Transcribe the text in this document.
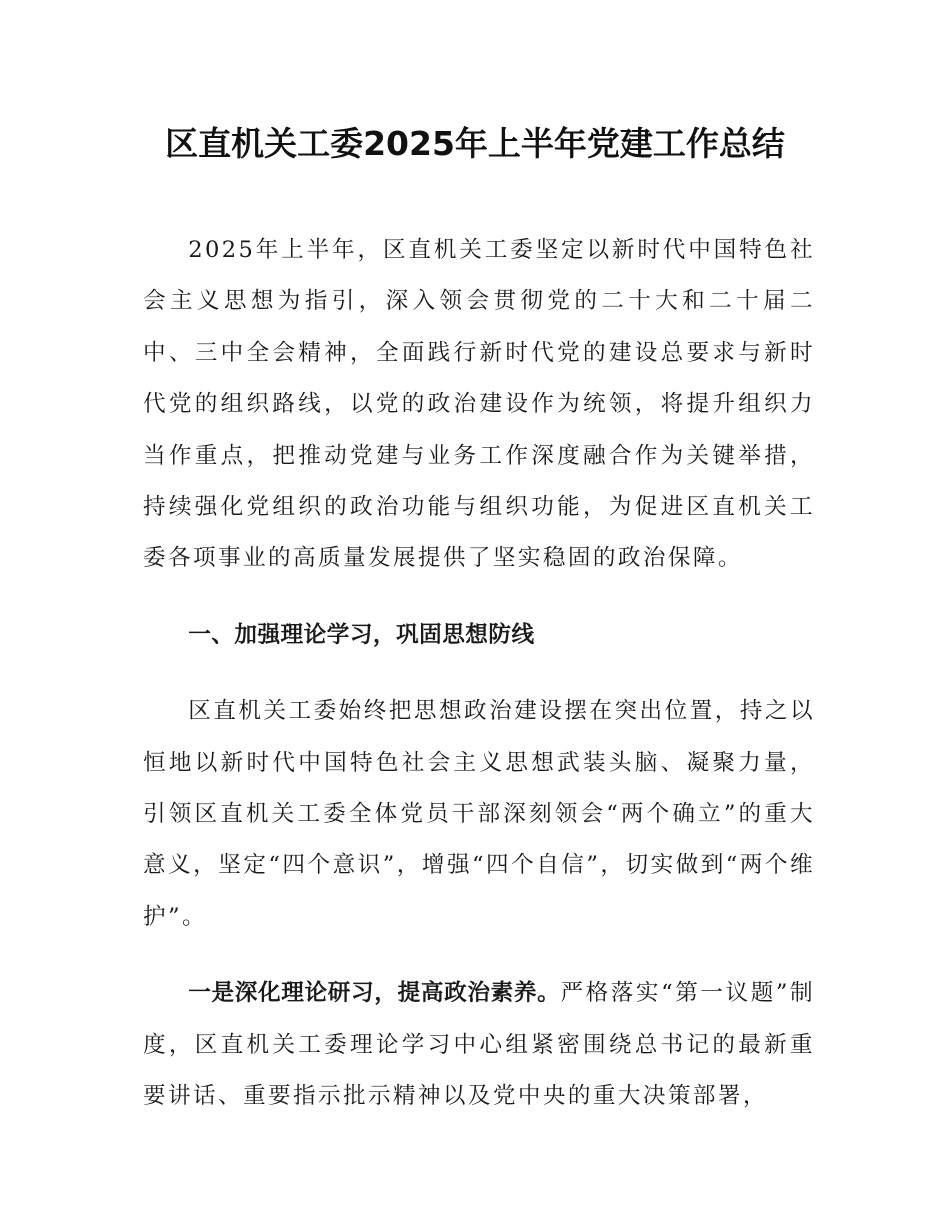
区直机关工委2025年上半年党建工作总结

2025年上半年，区直机关工委坚定以新时代中国特色社会主义思想为指引，深入领会贯彻党的二十大和二十届二中、三中全会精神，全面践行新时代党的建设总要求与新时代党的组织路线，以党的政治建设作为统领，将提升组织力当作重点，把推动党建与业务工作深度融合作为关键举措，持续强化党组织的政治功能与组织功能，为促进区直机关工委各项事业的高质量发展提供了坚实稳固的政治保障。

一、加强理论学习，巩固思想防线

区直机关工委始终把思想政治建设摆在突出位置，持之以恒地以新时代中国特色社会主义思想武装头脑、凝聚力量，引领区直机关工委全体党员干部深刻领会“两个确立”的重大意义，坚定“四个意识”，增强“四个自信”，切实做到“两个维护”。

一是深化理论研习，提高政治素养。严格落实“第一议题”制度，区直机关工委理论学习中心组紧密围绕总书记的最新重要讲话、重要指示批示精神以及党中央的重大决策部署，
